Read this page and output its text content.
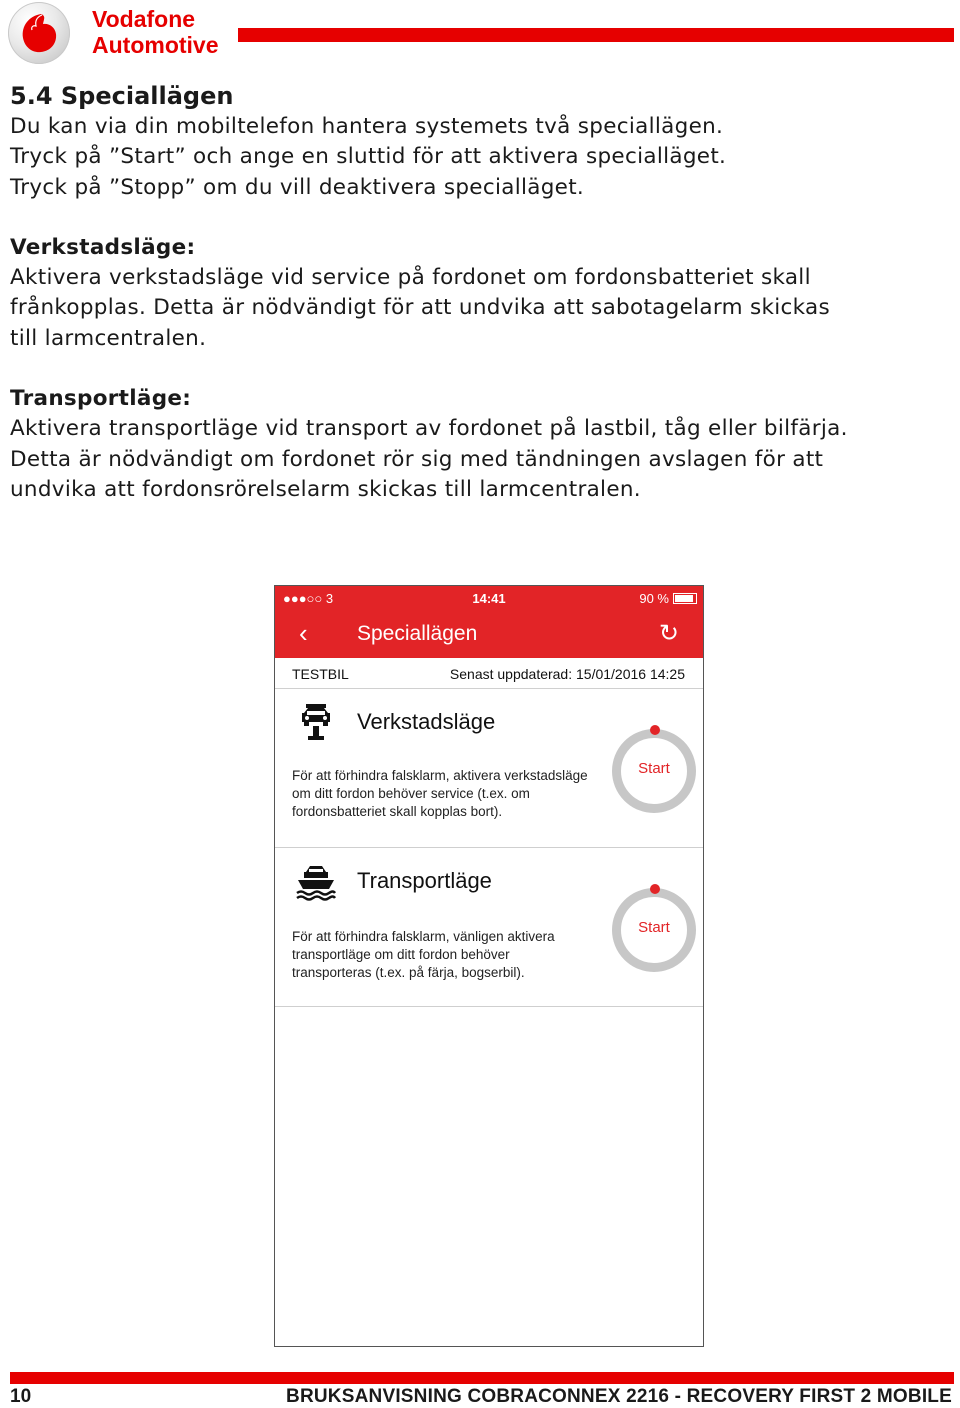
Vodafone
Automotive

5.4 Speciallägen

Du kan via din mobiltelefon hantera systemets två speciallägen.

Tryck på ”Start” och ange en sluttid för att aktivera specialläget.

Tryck på ”Stopp” om du vill deaktivera specialläget.

Verkstadsläge:

Aktivera verkstadsläge vid service på fordonet om fordonsbatteriet skall

frånkopplas. Detta är nödvändigt för att undvika att sabotagelarm skickas

till larmcentralen.

Transportläge:

Aktivera transportläge vid transport av fordonet på lastbil, tåg eller bilfärja.

Detta är nödvändigt om fordonet rör sig med tändningen avslagen för att

undvika att fordonsrörelselarm skickas till larmcentralen.

●●●○○ 3	14:41	90 %
‹ Speciallägen	↻
TESTBIL	Senast uppdaterad: 15/01/2016 14:25
Verkstadsläge
För att förhindra falsklarm, aktivera verkstadsläge
om ditt fordon behöver service (t.ex. om
fordonsbatteriet skall kopplas bort).
Start
Transportläge
För att förhindra falsklarm, vänligen aktivera
transportläge om ditt fordon behöver
transporteras (t.ex. på färja, bogserbil).
Start
10	BRUKSANVISNING COBRACONNEX 2216 - RECOVERY FIRST 2 MOBILE
